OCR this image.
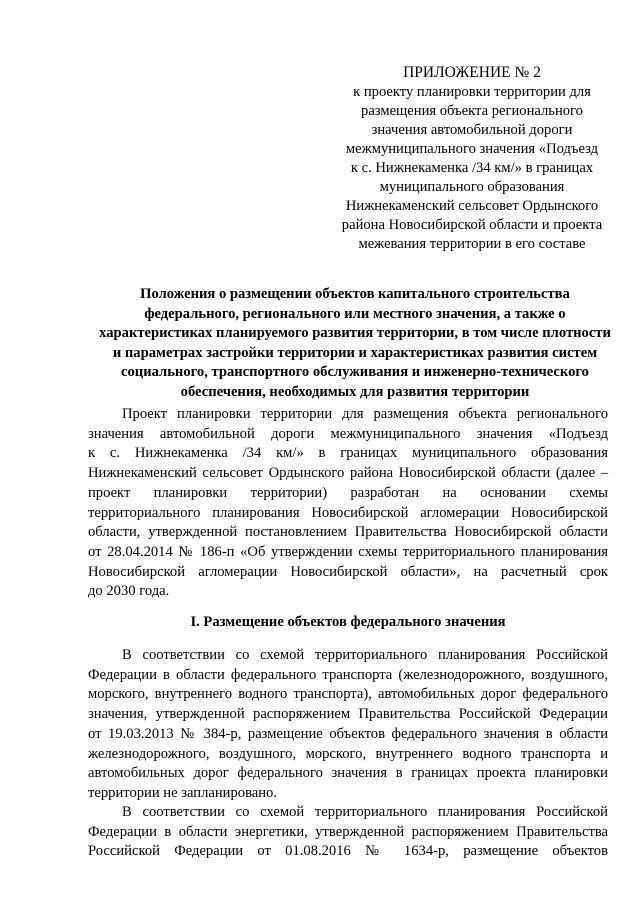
ПРИЛОЖЕНИЕ № 2
к проекту планировки территории для
размещения объекта регионального
значения автомобильной дороги
межмуниципального значения «Подъезд
к с. Нижнекаменка /34 км/» в границах
муниципального образования
Нижнекаменский сельсовет Ордынского
района Новосибирской области и проекта
межевания территории в его составе
Положения о размещении объектов капитального строительства
федерального, регионального или местного значения, а также о
характеристиках планируемого развития территории, в том числе плотности
и параметрах застройки территории и характеристиках развития систем
социального, транспортного обслуживания и инженерно-технического
обеспечения, необходимых для развития территории
Проект планировки территории для размещения объекта регионального
значения автомобильной дороги межмуниципального значения «Подъезд
к с. Нижнекаменка /34 км/» в границах муниципального образования
Нижнекаменский сельсовет Ордынского района Новосибирской области (далее –
проект планировки территории) разработан на основании схемы
территориального планирования Новосибирской агломерации Новосибирской
области, утвержденной постановлением Правительства Новосибирской области
от 28.04.2014 № 186-п «Об утверждении схемы территориального планирования
Новосибирской агломерации Новосибирской области», на расчетный срок
до 2030 года.
I. Размещение объектов федерального значения
В соответствии со схемой территориального планирования Российской
Федерации в области федерального транспорта (железнодорожного, воздушного,
морского, внутреннего водного транспорта), автомобильных дорог федерального
значения, утвержденной распоряжением Правительства Российской Федерации
от 19.03.2013 № 384-р, размещение объектов федерального значения в области
железнодорожного, воздушного, морского, внутреннего водного транспорта и
автомобильных дорог федерального значения в границах проекта планировки
территории не запланировано.
В соответствии со схемой территориального планирования Российской
Федерации в области энергетики, утвержденной распоряжением Правительства
Российской Федерации от 01.08.2016 № 1634-р, размещение объектов
